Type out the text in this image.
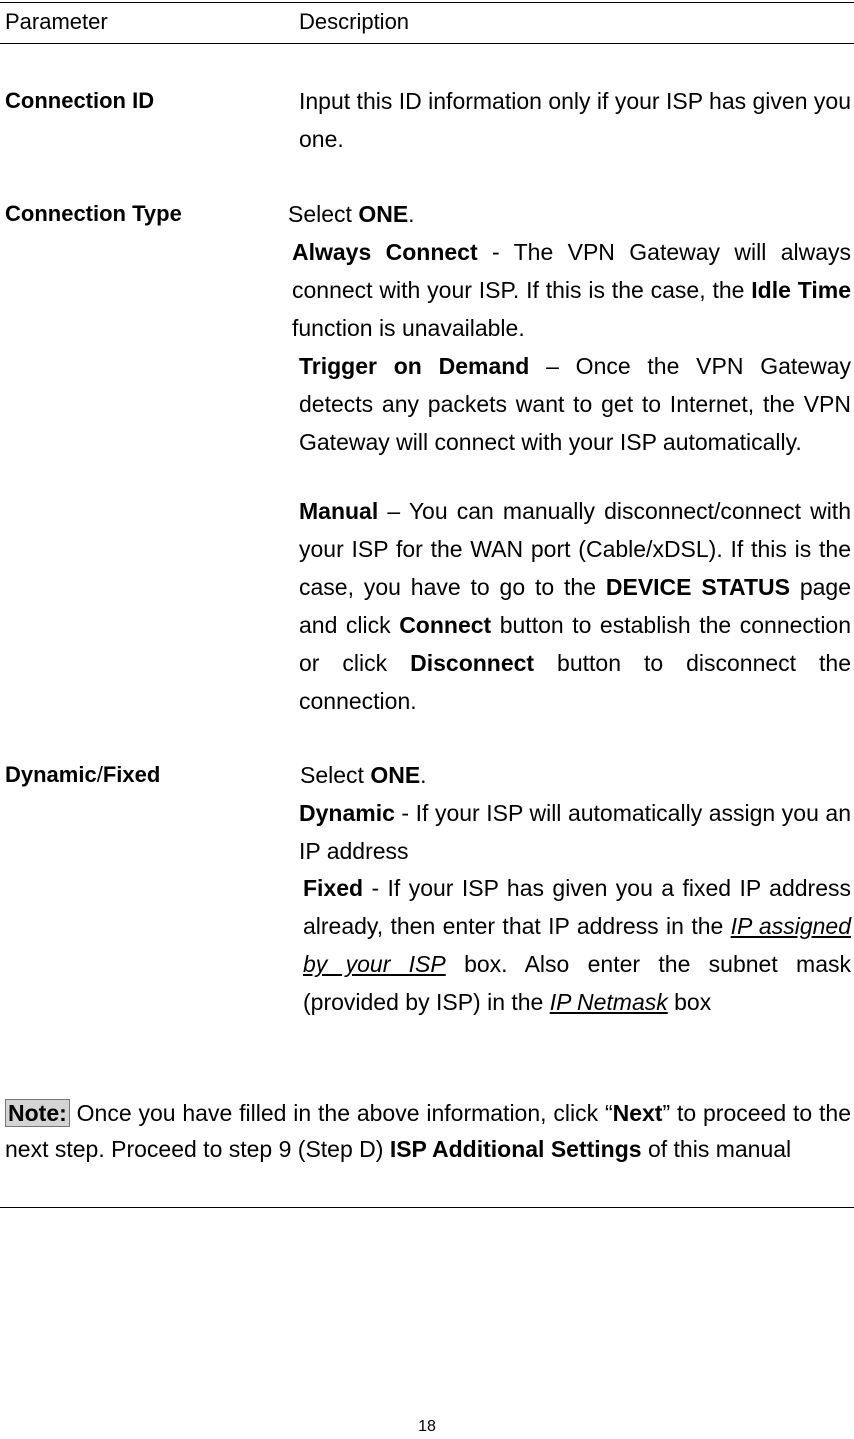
Parameter	Description
Connection ID	Input this ID information only if your ISP has given you one.

Connection Type	Select ONE.

Always Connect - The VPN Gateway will always connect with your ISP. If this is the case, the Idle Time function is unavailable.

Trigger on Demand – Once the VPN Gateway detects any packets want to get to Internet, the VPN Gateway will connect with your ISP automatically.

Manual – You can manually disconnect/connect with your ISP for the WAN port (Cable/xDSL). If this is the case, you have to go to the DEVICE STATUS page and click Connect button to establish the connection or click Disconnect button to disconnect the connection.

Dynamic/Fixed	Select ONE.

Dynamic - If your ISP will automatically assign you an IP address

Fixed - If your ISP has given you a fixed IP address already, then enter that IP address in the IP assigned by your ISP box. Also enter the subnet mask (provided by ISP) in the IP Netmask box

Note: Once you have filled in the above information, click “Next” to proceed to the next step. Proceed to step 9 (Step D) ISP Additional Settings of this manual
18
